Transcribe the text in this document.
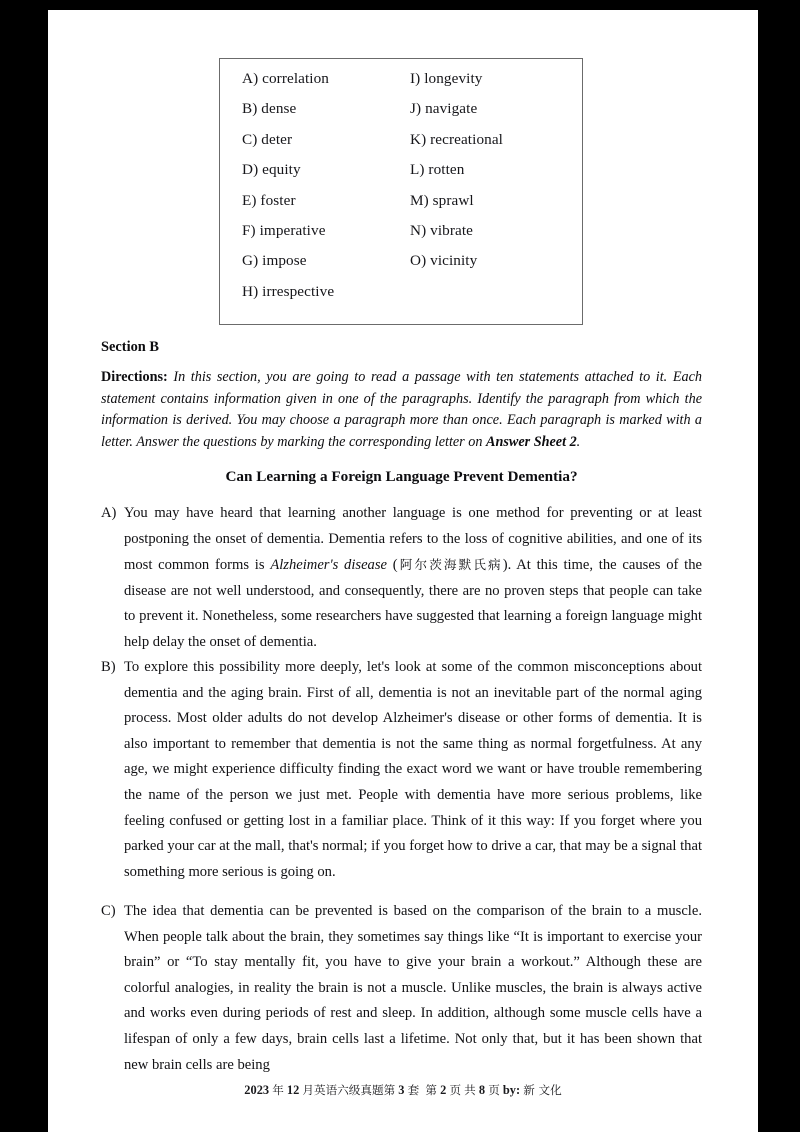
A) correlation	I) longevity
B) dense	J) navigate
C) deter	K) recreational
D) equity	L) rotten
E) foster	M) sprawl
F) imperative	N) vibrate
G) impose	O) vicinity
H) irrespective
Section B
Directions: In this section, you are going to read a passage with ten statements attached to it. Each statement contains information given in one of the paragraphs. Identify the paragraph from which the information is derived. You may choose a paragraph more than once. Each paragraph is marked with a letter. Answer the questions by marking the corresponding letter on Answer Sheet 2.
Can Learning a Foreign Language Prevent Dementia?
A) You may have heard that learning another language is one method for preventing or at least postponing the onset of dementia. Dementia refers to the loss of cognitive abilities, and one of its most common forms is Alzheimer's disease (阿尔茨海默氏病). At this time, the causes of the disease are not well understood, and consequently, there are no proven steps that people can take to prevent it. Nonetheless, some researchers have suggested that learning a foreign language might help delay the onset of dementia.
B) To explore this possibility more deeply, let's look at some of the common misconceptions about dementia and the aging brain. First of all, dementia is not an inevitable part of the normal aging process. Most older adults do not develop Alzheimer's disease or other forms of dementia. It is also important to remember that dementia is not the same thing as normal forgetfulness. At any age, we might experience difficulty finding the exact word we want or have trouble remembering the name of the person we just met. People with dementia have more serious problems, like feeling confused or getting lost in a familiar place. Think of it this way: If you forget where you parked your car at the mall, that's normal; if you forget how to drive a car, that may be a signal that something more serious is going on.
C) The idea that dementia can be prevented is based on the comparison of the brain to a muscle. When people talk about the brain, they sometimes say things like “It is important to exercise your brain” or “To stay mentally fit, you have to give your brain a workout.” Although these are colorful analogies, in reality the brain is not a muscle. Unlike muscles, the brain is always active and works even during periods of rest and sleep. In addition, although some muscle cells have a lifespan of only a few days, brain cells last a lifetime. Not only that, but it has been shown that new brain cells are being
2023 年 12 月英语六级真题第 3 套 第 2 页 共 8 页 by: 新 文化
